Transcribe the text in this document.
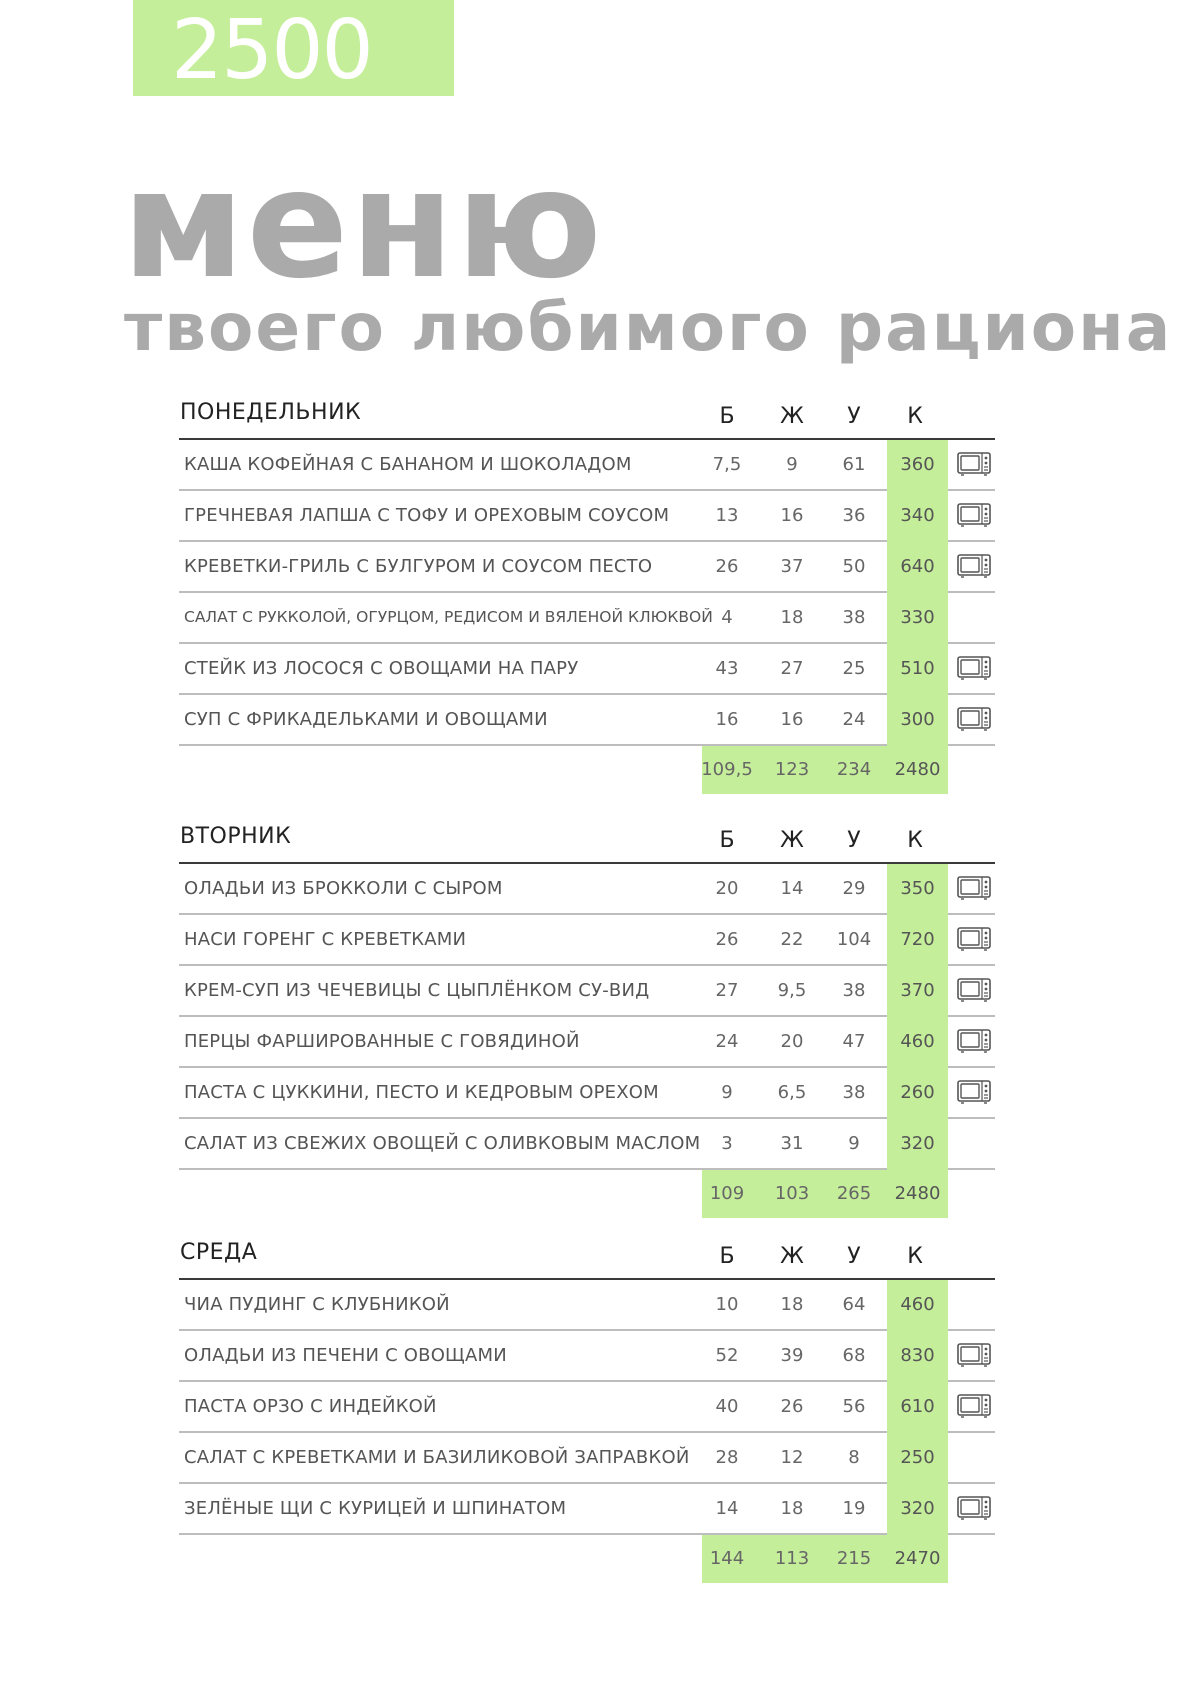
2500
меню
твоего любимого рациона
ПОНЕДЕЛЬНИК	Б	Ж	У	К
КАША КОФЕЙНАЯ С БАНАНОМ И ШОКОЛАДОМ	7,5	9	61	360
ГРЕЧНЕВАЯ ЛАПША С ТОФУ И ОРЕХОВЫМ СОУСОМ	13	16	36	340
КРЕВЕТКИ-ГРИЛЬ С БУЛГУРОМ И СОУСОМ ПЕСТО	26	37	50	640
САЛАТ С РУККОЛОЙ, ОГУРЦОМ, РЕДИСОМ И ВЯЛЕНОЙ КЛЮКВОЙ 4	18	38	330
СТЕЙК ИЗ ЛОСОСЯ С ОВОЩАМИ НА ПАРУ	43	27	25	510
СУП С ФРИКАДЕЛЬКАМИ И ОВОЩАМИ	16	16	24	300
109,5	123	234	2480
ВТОРНИК	Б	Ж	У	К
ОЛАДЬИ ИЗ БРОККОЛИ С СЫРОМ	20	14	29	350
НАСИ ГОРЕНГ С КРЕВЕТКАМИ	26	22	104	720
КРЕМ-СУП ИЗ ЧЕЧЕВИЦЫ С ЦЫПЛЁНКОМ СУ-ВИД	27	9,5	38	370
ПЕРЦЫ ФАРШИРОВАННЫЕ С ГОВЯДИНОЙ	24	20	47	460
ПАСТА С ЦУККИНИ, ПЕСТО И КЕДРОВЫМ ОРЕХОМ	9	6,5	38	260
САЛАТ ИЗ СВЕЖИХ ОВОЩЕЙ С ОЛИВКОВЫМ МАСЛОМ	3	31	9	320
109	103	265	2480
СРЕДА	Б	Ж	У	К
ЧИА ПУДИНГ С КЛУБНИКОЙ	10	18	64	460
ОЛАДЬИ ИЗ ПЕЧЕНИ С ОВОЩАМИ	52	39	68	830
ПАСТА ОРЗО С ИНДЕЙКОЙ	40	26	56	610
САЛАТ С КРЕВЕТКАМИ И БАЗИЛИКОВОЙ ЗАПРАВКОЙ	28	12	8	250
ЗЕЛЁНЫЕ ЩИ С КУРИЦЕЙ И ШПИНАТОМ	14	18	19	320
144	113	215	2470
